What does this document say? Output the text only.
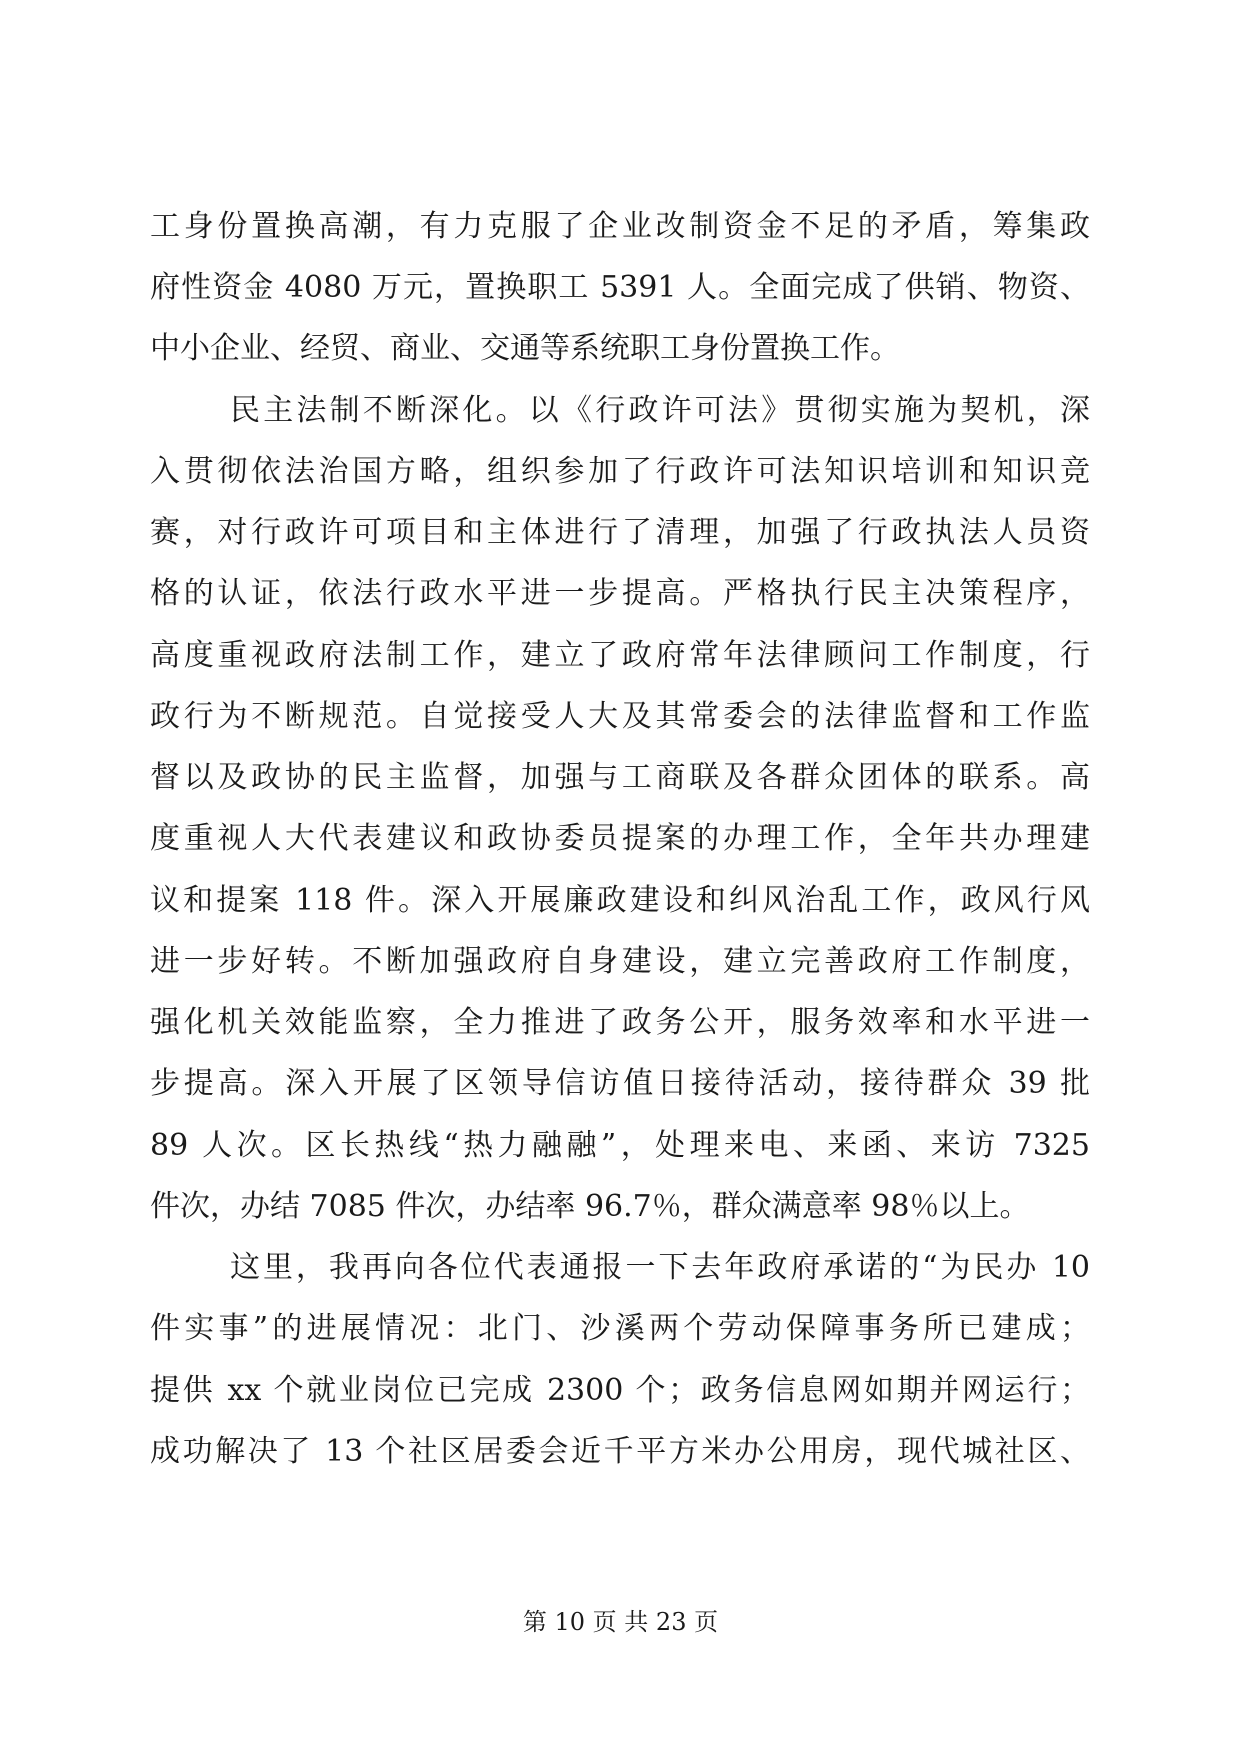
工身份置换高潮，有力克服了企业改制资金不足的矛盾，筹集政
府性资金 4080 万元，置换职工 5391 人。全面完成了供销、物资、
中小企业、经贸、商业、交通等系统职工身份置换工作。
民主法制不断深化。以《行政许可法》贯彻实施为契机，深
入贯彻依法治国方略，组织参加了行政许可法知识培训和知识竞
赛，对行政许可项目和主体进行了清理，加强了行政执法人员资
格的认证，依法行政水平进一步提高。严格执行民主决策程序，
高度重视政府法制工作，建立了政府常年法律顾问工作制度，行
政行为不断规范。自觉接受人大及其常委会的法律监督和工作监
督以及政协的民主监督，加强与工商联及各群众团体的联系。高
度重视人大代表建议和政协委员提案的办理工作，全年共办理建
议和提案 118 件。深入开展廉政建设和纠风治乱工作，政风行风
进一步好转。不断加强政府自身建设，建立完善政府工作制度，
强化机关效能监察，全力推进了政务公开，服务效率和水平进一
步提高。深入开展了区领导信访值日接待活动，接待群众 39 批
89 人次。区长热线“热力融融”，处理来电、来函、来访 7325
件次，办结 7085 件次，办结率 96.7％，群众满意率 98％以上。
这里，我再向各位代表通报一下去年政府承诺的“为民办 10
件实事”的进展情况：北门、沙溪两个劳动保障事务所已建成；
提供 xx 个就业岗位已完成 2300 个；政务信息网如期并网运行；
成功解决了 13 个社区居委会近千平方米办公用房，现代城社区、
第 10 页 共 23 页
